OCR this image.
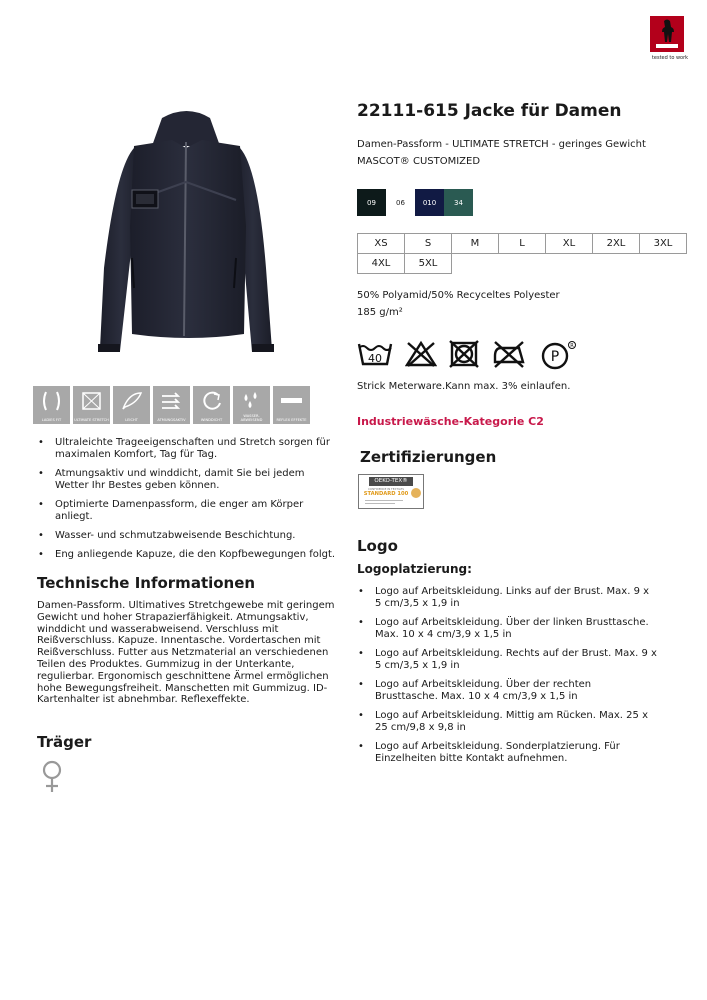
tested to work
22111-615 Jacke für Damen
Damen-Passform - ULTIMATE STRETCH - geringes Gewicht
MASCOT® CUSTOMIZED
09	06	010	34
XS	S	M	L	XL	2XL	3XL
4XL	5XL					
50% Polyamid/50% Recyceltes Polyester
185 g/m²
40	P
R
Strick Meterware.Kann max. 3% einlaufen.
LADIES FIT	ULTIMATE STRETCH	LEICHT	ATMUNGSAKTIV	WINDDICHT
WASSER-ABWEISEND	REFLEX EFFEKTE
• Ultraleichte Trageeigenschaften und Stretch sorgen für maximalen Komfort, Tag für Tag.
• Atmungsaktiv und winddicht, damit Sie bei jedem Wetter Ihr Bestes geben können.
• Optimierte Damenpassform, die enger am Körper anliegt.
• Wasser- und schmutzabweisende Beschichtung.
• Eng anliegende Kapuze, die den Kopfbewegungen folgt.
Technische Informationen
Damen-Passform. Ultimatives Stretchgewebe mit geringem Gewicht und hoher Strapazierfähigkeit. Atmungsaktiv, winddicht und wasserabweisend. Verschluss mit Reißverschluss. Kapuze. Innentasche. Vordertaschen mit Reißverschluss. Futter aus Netzmaterial an verschiedenen Teilen des Produktes. Gummizug in der Unterkante, regulierbar. Ergonomisch geschnittene Ärmel ermöglichen hohe Bewegungsfreiheit. Manschetten mit Gummizug. ID-Kartenhalter ist abnehmbar. Reflexeffekte.
Träger
Industriewäsche-Kategorie C2
Zertifizierungen
OEKO-TEX®
CONFIDENCE IN TEXTILES
STANDARD 100
Logo
Logoplatzierung:
• Logo auf Arbeitskleidung. Links auf der Brust. Max. 9 x 5 cm/3,5 x 1,9 in
• Logo auf Arbeitskleidung. Über der linken Brusttasche. Max. 10 x 4 cm/3,9 x 1,5 in
• Logo auf Arbeitskleidung. Rechts auf der Brust. Max. 9 x 5 cm/3,5 x 1,9 in
• Logo auf Arbeitskleidung. Über der rechten Brusttasche. Max. 10 x 4 cm/3,9 x 1,5 in
• Logo auf Arbeitskleidung. Mittig am Rücken. Max. 25 x 25 cm/9,8 x 9,8 in
• Logo auf Arbeitskleidung. Sonderplatzierung. Für Einzelheiten bitte Kontakt aufnehmen.
